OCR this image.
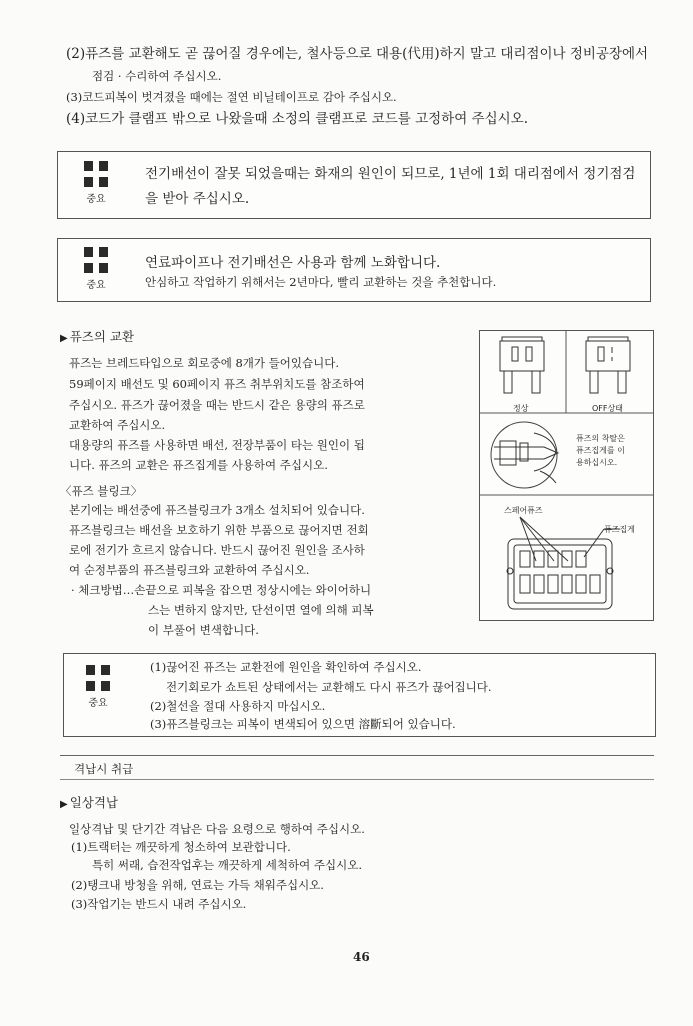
(2)퓨즈를 교환해도 곧 끊어질 경우에는, 철사등으로 대용(代用)하지 말고 대리점이나 정비공장에서
점검 · 수리하여 주십시오.
(3)코드피복이 벗겨졌을 때에는 절연 비닐테이프로 감아 주십시오.
(4)코드가 클램프 밖으로 나왔을때 소정의 클램프로 코드를 고정하여 주십시오.
중요
전기배선이 잘못 되었을때는 화재의 원인이 되므로, 1년에 1회 대리점에서 정기점검
을 받아 주십시오.
중요
연료파이프나 전기배선은 사용과 함께 노화합니다.
안심하고 작업하기 위해서는 2년마다, 빨리 교환하는 것을 추천합니다.
▶ 퓨즈의 교환
퓨즈는 브레드타입으로 회로중에 8개가 들어있습니다.
59페이지 배선도 및 60페이지 퓨즈 취부위치도를 참조하여
주십시오. 퓨즈가 끊어졌을 때는 반드시 같은 용량의 퓨즈로
교환하여 주십시오.
대용량의 퓨즈를 사용하면 배선, 전장부품이 타는 원인이 됩
니다. 퓨즈의 교환은 퓨즈집게를 사용하여 주십시오.
〈퓨즈 블링크〉
본기에는 배선중에 퓨즈블링크가 3개소 설치되어 있습니다.
퓨즈블링크는 배선을 보호하기 위한 부품으로 끊어지면 전회
로에 전기가 흐르지 않습니다. 반드시 끊어진 원인을 조사하
여 순정부품의 퓨즈블링크와 교환하여 주십시오.
· 체크방법…손끝으로 피복을 잡으면 정상시에는 와이어하니
스는 변하지 않지만, 단선이면 열에 의해 피복
이 부풀어 변색합니다.
정상	OFF상태
퓨즈의 착탈은
퓨즈집게를 이
용하십시오.
스페어퓨즈
퓨즈집게
중요
(1)끊어진 퓨즈는 교환전에 원인을 확인하여 주십시오.
전기회로가 쇼트된 상태에서는 교환해도 다시 퓨즈가 끊어집니다.
(2)철선을 절대 사용하지 마십시오.
(3)퓨즈블링크는 피복이 변색되어 있으면 溶斷되어 있습니다.
격납시 취급
▶ 일상격납
일상격납 및 단기간 격납은 다음 요령으로 행하여 주십시오.
(1)트랙터는 깨끗하게 청소하여 보관합니다.
특히 써래, 습전작업후는 깨끗하게 세척하여 주십시오.
(2)탱크내 방청을 위해, 연료는 가득 채워주십시오.
(3)작업기는 반드시 내려 주십시오.
46
